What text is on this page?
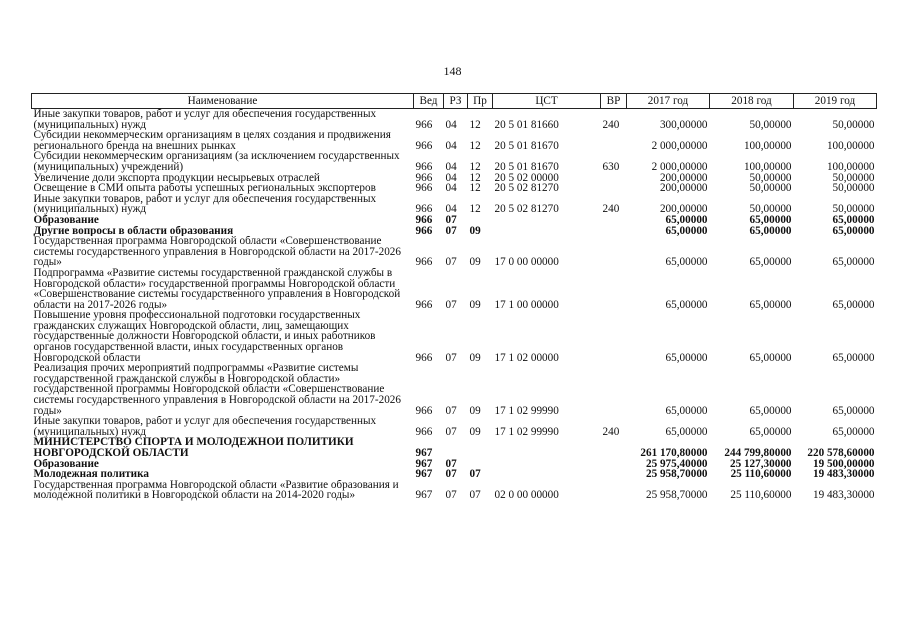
148
Наименование	Вед	РЗ	Пр	ЦСТ	ВР	2017 год	2018 год	2019 год
Иные закупки товаров, работ и услуг для обеспечения государственных (муниципальных) нужд	966	04	12	20 5 01 81660	240	300,00000	50,00000	50,00000
Субсидии некоммерческим организациям в целях создания и продвижения регионального бренда на внешних рынках	966	04	12	20 5 01 81670		2 000,00000	100,00000	100,00000
Субсидии некоммерческим организациям (за исключением государственных (муниципальных) учреждений)	966	04	12	20 5 01 81670	630	2 000,00000	100,00000	100,00000
Увеличение доли экспорта продукции несырьевых отраслей	966	04	12	20 5 02 00000		200,00000	50,00000	50,00000
Освещение в СМИ опыта работы успешных региональных экспортеров	966	04	12	20 5 02 81270		200,00000	50,00000	50,00000
Иные закупки товаров, работ и услуг для обеспечения государственных (муниципальных) нужд	966	04	12	20 5 02 81270	240	200,00000	50,00000	50,00000
Образование	966	07				65,00000	65,00000	65,00000
Другие вопросы в области образования	966	07	09			65,00000	65,00000	65,00000
Государственная программа Новгородской области «Совершенствование системы государственного управления в Новгородской области на 2017-2026 годы»	966	07	09	17 0 00 00000		65,00000	65,00000	65,00000
Подпрограмма «Развитие системы государственной гражданской службы в Новгородской области» государственной программы Новгородской области «Совершенствование системы государственного управления в Новгородской области на 2017-2026 годы»	966	07	09	17 1 00 00000		65,00000	65,00000	65,00000
Повышение уровня профессиональной подготовки государственных гражданских служащих Новгородской области, лиц, замещающих государственные должности Новгородской области, и иных работников органов государственной власти, иных государственных органов Новгородской области	966	07	09	17 1 02 00000		65,00000	65,00000	65,00000
Реализация прочих мероприятий подпрограммы «Развитие системы государственной гражданской службы в Новгородской области» государственной программы Новгородской области «Совершенствование системы государственного управления в Новгородской области на 2017-2026 годы»	966	07	09	17 1 02 99990		65,00000	65,00000	65,00000
Иные закупки товаров, работ и услуг для обеспечения государственных (муниципальных) нужд	966	07	09	17 1 02 99990	240	65,00000	65,00000	65,00000
МИНИСТЕРСТВО СПОРТА И МОЛОДЕЖНОЙ ПОЛИТИКИ НОВГОРОДСКОЙ ОБЛАСТИ	967					261 170,80000	244 799,80000	220 578,60000
Образование	967	07				25 975,40000	25 127,30000	19 500,00000
Молодежная политика	967	07	07			25 958,70000	25 110,60000	19 483,30000
Государственная программа Новгородской области «Развитие образования и молодежной политики в Новгородской области на 2014-2020 годы»	967	07	07	02 0 00 00000		25 958,70000	25 110,60000	19 483,30000
